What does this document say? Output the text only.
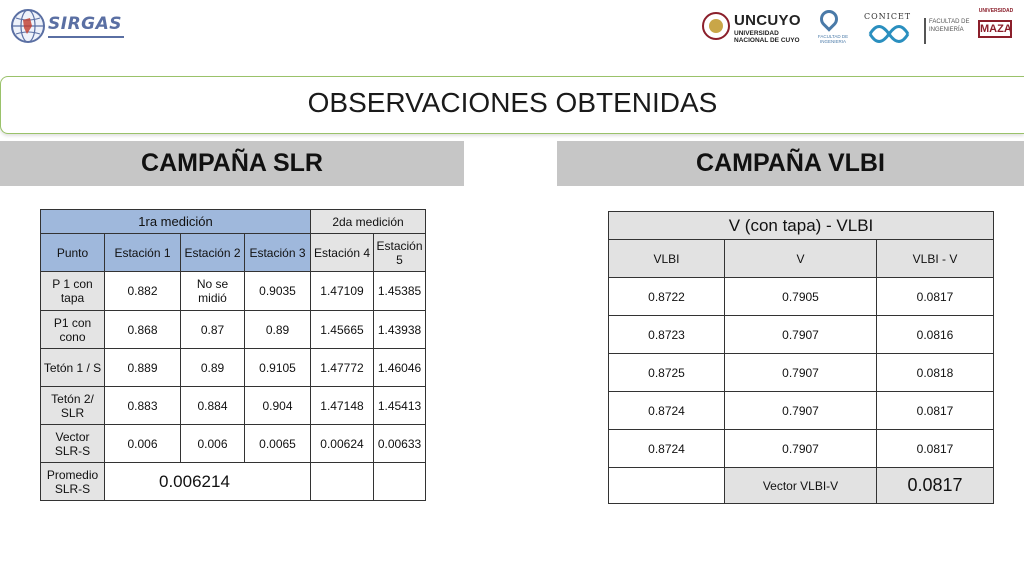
SIRGAS	UNCUYO
UNIVERSIDAD
NACIONAL DE CUYO
FACULTAD DE INGENIERIA
CONICET
FACULTAD DE
INGENIERÍA
UNIVERSIDAD
MAZA
OBSERVACIONES OBTENIDAS
CAMPAÑA SLR	CAMPAÑA VLBI
1ra medición				2da medición	
Punto	Estación 1	Estación 2	Estación 3	Estación 4	Estación 5
P 1 con tapa	0.882	No se midió	0.9035	1.47109	1.45385
P1 con cono	0.868	0.87	0.89	1.45665	1.43938
Tetón 1 / S	0.889	0.89	0.9105	1.47772	1.46046
Tetón 2/ SLR	0.883	0.884	0.904	1.47148	1.45413
Vector SLR-S	0.006	0.006	0.0065	0.00624	0.00633
Promedio SLR-S	0.006214				
V (con tapa) - VLBI		
VLBI	V	VLBI - V
0.8722	0.7905	0.0817
0.8723	0.7907	0.0816
0.8725	0.7907	0.0818
0.8724	0.7907	0.0817
0.8724	0.7907	0.0817
	Vector VLBI-V	0.0817
